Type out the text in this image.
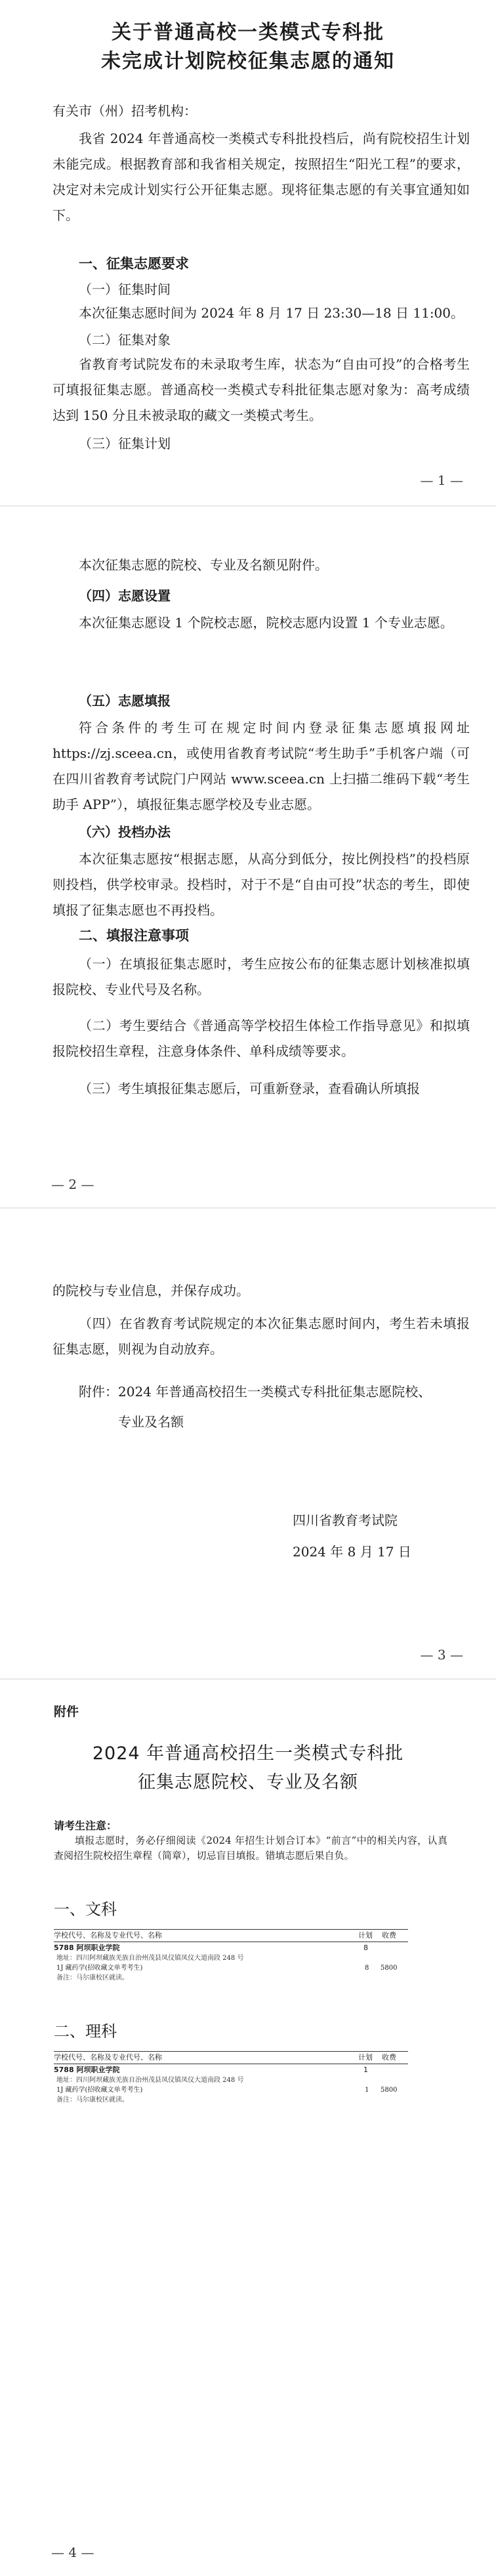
关于普通高校一类模式专科批
未完成计划院校征集志愿的通知
有关市（州）招考机构：
我省 2024 年普通高校一类模式专科批投档后，尚有院校招生计划未能完成。根据教育部和我省相关规定，按照招生“阳光工程”的要求，决定对未完成计划实行公开征集志愿。现将征集志愿的有关事宜通知如下。
一、征集志愿要求
（一）征集时间
本次征集志愿时间为 2024 年 8 月 17 日 23:30—18 日 11:00。
（二）征集对象
省教育考试院发布的未录取考生库，状态为“自由可投”的合格考生可填报征集志愿。普通高校一类模式专科批征集志愿对象为：高考成绩达到 150 分且未被录取的藏文一类模式考生。
（三）征集计划
— 1 —
本次征集志愿的院校、专业及名额见附件。
（四）志愿设置
本次征集志愿设 1 个院校志愿，院校志愿内设置 1 个专业志愿。
（五）志愿填报
符合条件的考生可在规定时间内登录征集志愿填报网址 https://zj.sceea.cn，或使用省教育考试院“考生助手”手机客户端（可在四川省教育考试院门户网站 www.sceea.cn 上扫描二维码下载“考生助手 APP”），填报征集志愿学校及专业志愿。
（六）投档办法
本次征集志愿按“根据志愿，从高分到低分，按比例投档”的投档原则投档，供学校审录。投档时，对于不是“自由可投”状态的考生，即使填报了征集志愿也不再投档。
二、填报注意事项
（一）在填报征集志愿时，考生应按公布的征集志愿计划核准拟填报院校、专业代号及名称。
（二）考生要结合《普通高等学校招生体检工作指导意见》和拟填报院校招生章程，注意身体条件、单科成绩等要求。
（三）考生填报征集志愿后，可重新登录，查看确认所填报
— 2 —
的院校与专业信息，并保存成功。
（四）在省教育考试院规定的本次征集志愿时间内，考生若未填报征集志愿，则视为自动放弃。
附件：2024 年普通高校招生一类模式专科批征集志愿院校、
专业及名额
四川省教育考试院
2024 年 8 月 17 日
— 3 —
附件
2024 年普通高校招生一类模式专科批
征集志愿院校、专业及名额
请考生注意：
填报志愿时，务必仔细阅读《2024 年招生计划合订本》“前言”中的相关内容，认真查阅招生院校招生章程（简章），切忌盲目填报。错填志愿后果自负。
一、文科
学校代号、名称及专业代号、名称	计划 收费
5788 阿坝职业学院	8
地址：四川阿坝藏族羌族自治州茂县凤仪镇凤仪大道南段 248 号
1J 藏药学(招收藏文单考考生)	8 5800
备注：马尔康校区就读。
二、理科
学校代号、名称及专业代号、名称	计划 收费
5788 阿坝职业学院	1
地址：四川阿坝藏族羌族自治州茂县凤仪镇凤仪大道南段 248 号
1J 藏药学(招收藏文单考考生)	1 5800
备注：马尔康校区就读。
— 4 —
